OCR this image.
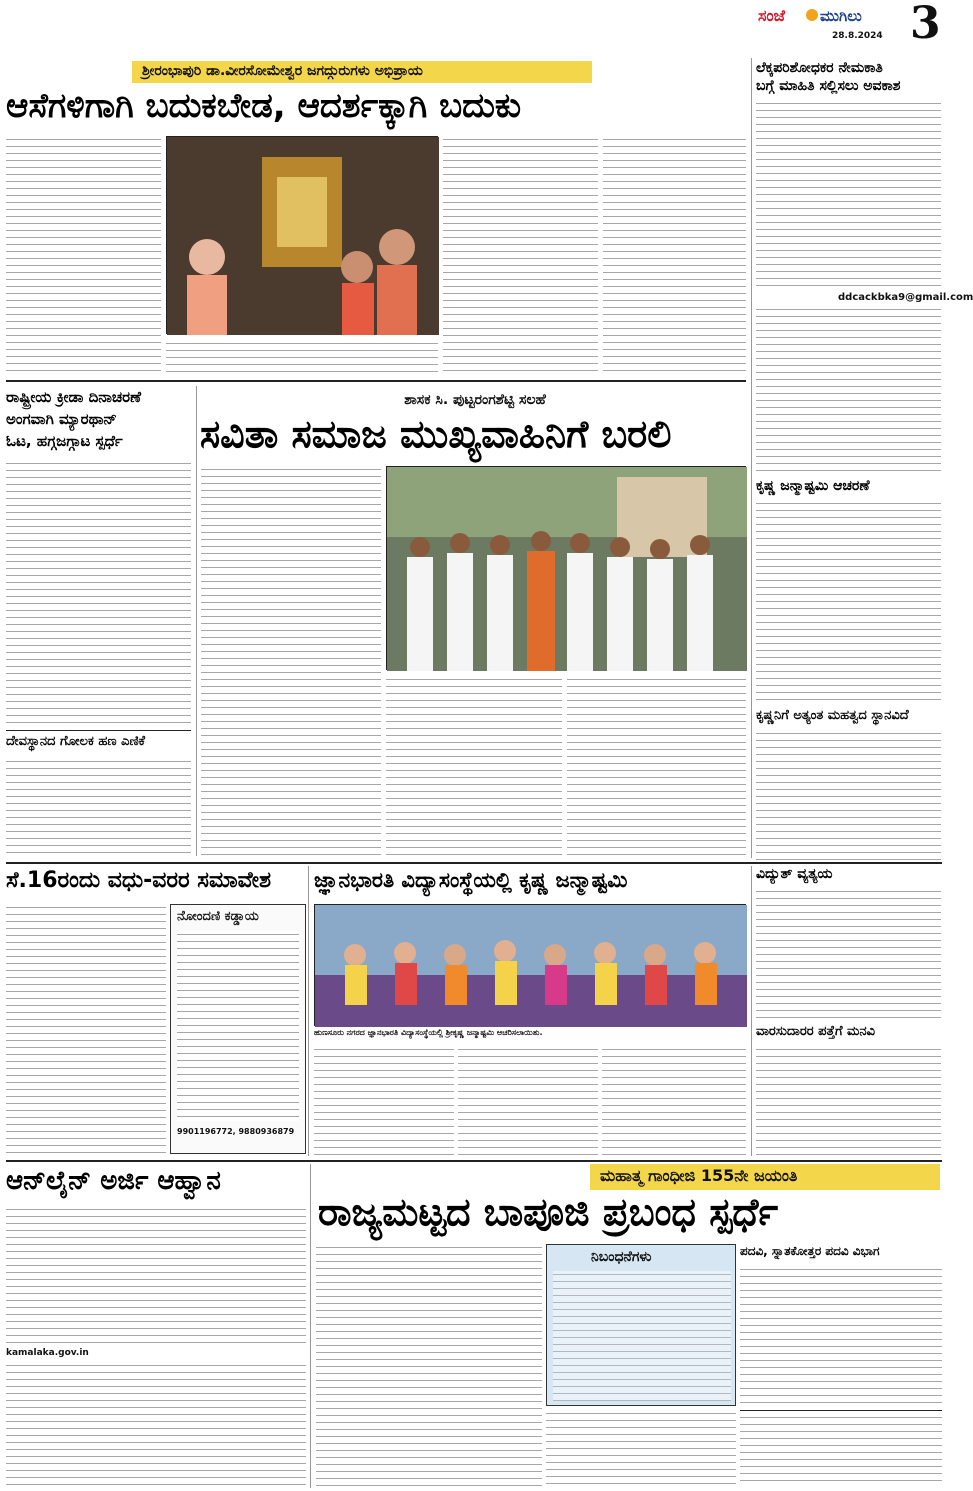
ಸಂಜೆ ಮುಗಿಲು
28.8.2024 3
ಶ್ರೀರಂಭಾಪುರಿ ಡಾ.ವೀರಸೋಮೇಶ್ವರ ಜಗದ್ಗುರುಗಳು ಅಭಿಪ್ರಾಯ
ಆಸೆಗಳಿಗಾಗಿ ಬದುಕಬೇಡ, ಆದರ್ಶಕ್ಕಾಗಿ ಬದುಕು
ಲೆಕ್ಕಪರಿಶೋಧಕರ ನೇಮಕಾತಿ
ಬಗ್ಗೆ ಮಾಹಿತಿ ಸಲ್ಲಿಸಲು ಅವಕಾಶ
ddcackbka9@gmail.com
ಕೃಷ್ಣ ಜನ್ಮಾಷ್ಟಮಿ ಆಚರಣೆ
ಕೃಷ್ಣನಿಗೆ ಅತ್ಯಂತ ಮಹತ್ವದ ಸ್ಥಾನವಿದೆ
ರಾಷ್ಟ್ರೀಯ ಕ್ರೀಡಾ ದಿನಾಚರಣೆ
ಅಂಗವಾಗಿ ಮ್ಯಾರಥಾನ್
ಓಟ, ಹಗ್ಗಜಗ್ಗಾಟ ಸ್ಪರ್ಧೆ
ದೇವಸ್ಥಾನದ ಗೋಲಕ ಹಣ ಎಣಿಕೆ
ಶಾಸಕ ಸಿ. ಪುಟ್ಟರಂಗಶೆಟ್ಟಿ ಸಲಹೆ
ಸವಿತಾ ಸಮಾಜ ಮುಖ್ಯವಾಹಿನಿಗೆ ಬರಲಿ
ಸೆ.16ರಂದು ವಧು-ವರರ ಸಮಾವೇಶ
ನೋಂದಣಿ ಕಡ್ಡಾಯ
9901196772, 9880936879
ಜ್ಞಾನಭಾರತಿ ವಿದ್ಯಾಸಂಸ್ಥೆಯಲ್ಲಿ ಕೃಷ್ಣ ಜನ್ಮಾಷ್ಟಮಿ
ಹುಣಸೂರು ನಗರದ ಜ್ಞಾನಭಾರತಿ ವಿದ್ಯಾಸಂಸ್ಥೆಯಲ್ಲಿ ಶ್ರೀಕೃಷ್ಣ ಜನ್ಮಾಷ್ಟಮಿ ಆಚರಿಸಲಾಯಿತು.
ವಿದ್ಯುತ್ ವ್ಯತ್ಯಯ
ವಾರಸುದಾರರ ಪತ್ತೆಗೆ ಮನವಿ
ಆನ್‌ಲೈನ್ ಅರ್ಜಿ ಆಹ್ವಾನ
kamalaka.gov.in
ಮಹಾತ್ಮ ಗಾಂಧೀಜಿ 155ನೇ ಜಯಂತಿ
ರಾಜ್ಯಮಟ್ಟದ ಬಾಪೂಜಿ ಪ್ರಬಂಧ ಸ್ಪರ್ಧೆ
ನಿಬಂಧನೆಗಳು	ಪದವಿ, ಸ್ನಾತಕೋತ್ತರ ಪದವಿ ವಿಭಾಗ
